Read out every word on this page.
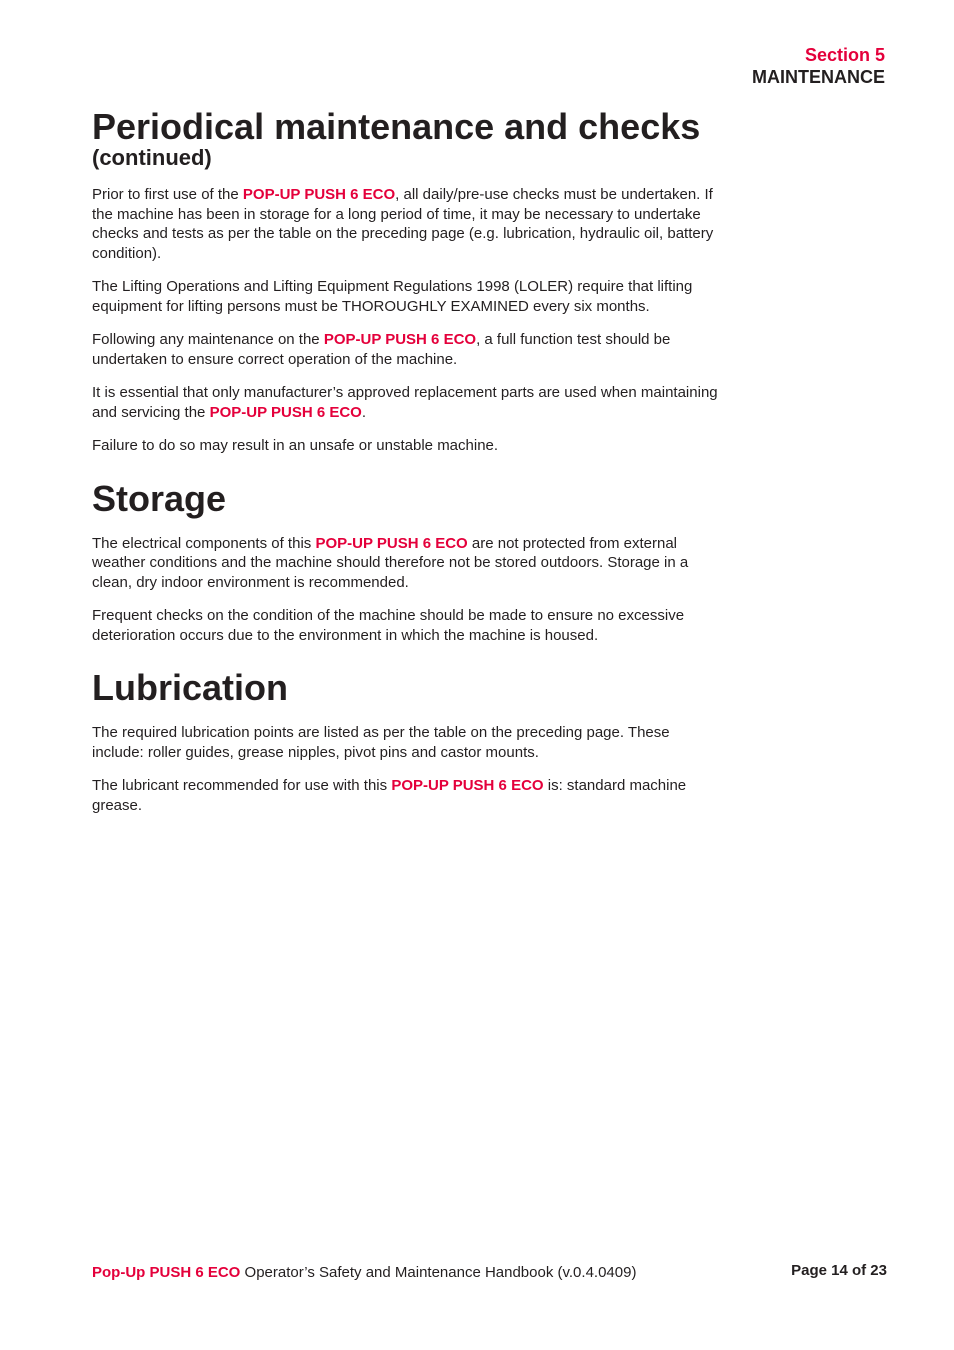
Section 5
MAINTENANCE
Periodical maintenance and checks
(continued)

Prior to first use of the POP-UP PUSH 6 ECO, all daily/pre-use checks must be undertaken. If the machine has been in storage for a long period of time, it may be necessary to undertake checks and tests as per the table on the preceding page (e.g. lubrication, hydraulic oil, battery condition).

The Lifting Operations and Lifting Equipment Regulations 1998 (LOLER) require that lifting equipment for lifting persons must be THOROUGHLY EXAMINED every six months.

Following any maintenance on the POP-UP PUSH 6 ECO, a full function test should be undertaken to ensure correct operation of the machine.

It is essential that only manufacturer’s approved replacement parts are used when maintaining and servicing the POP-UP PUSH 6 ECO.

Failure to do so may result in an unsafe or unstable machine.

Storage

The electrical components of this POP-UP PUSH 6 ECO are not protected from external weather conditions and the machine should therefore not be stored outdoors. Storage in a clean, dry indoor environment is recommended.

Frequent checks on the condition of the machine should be made to ensure no excessive deterioration occurs due to the environment in which the machine is housed.

Lubrication

The required lubrication points are listed as per the table on the preceding page. These include: roller guides, grease nipples, pivot pins and castor mounts.

The lubricant recommended for use with this POP-UP PUSH 6 ECO is: standard machine grease.

Pop-Up PUSH 6 ECO Operator’s Safety and Maintenance Handbook (v.0.4.0409)	Page 14 of 23
